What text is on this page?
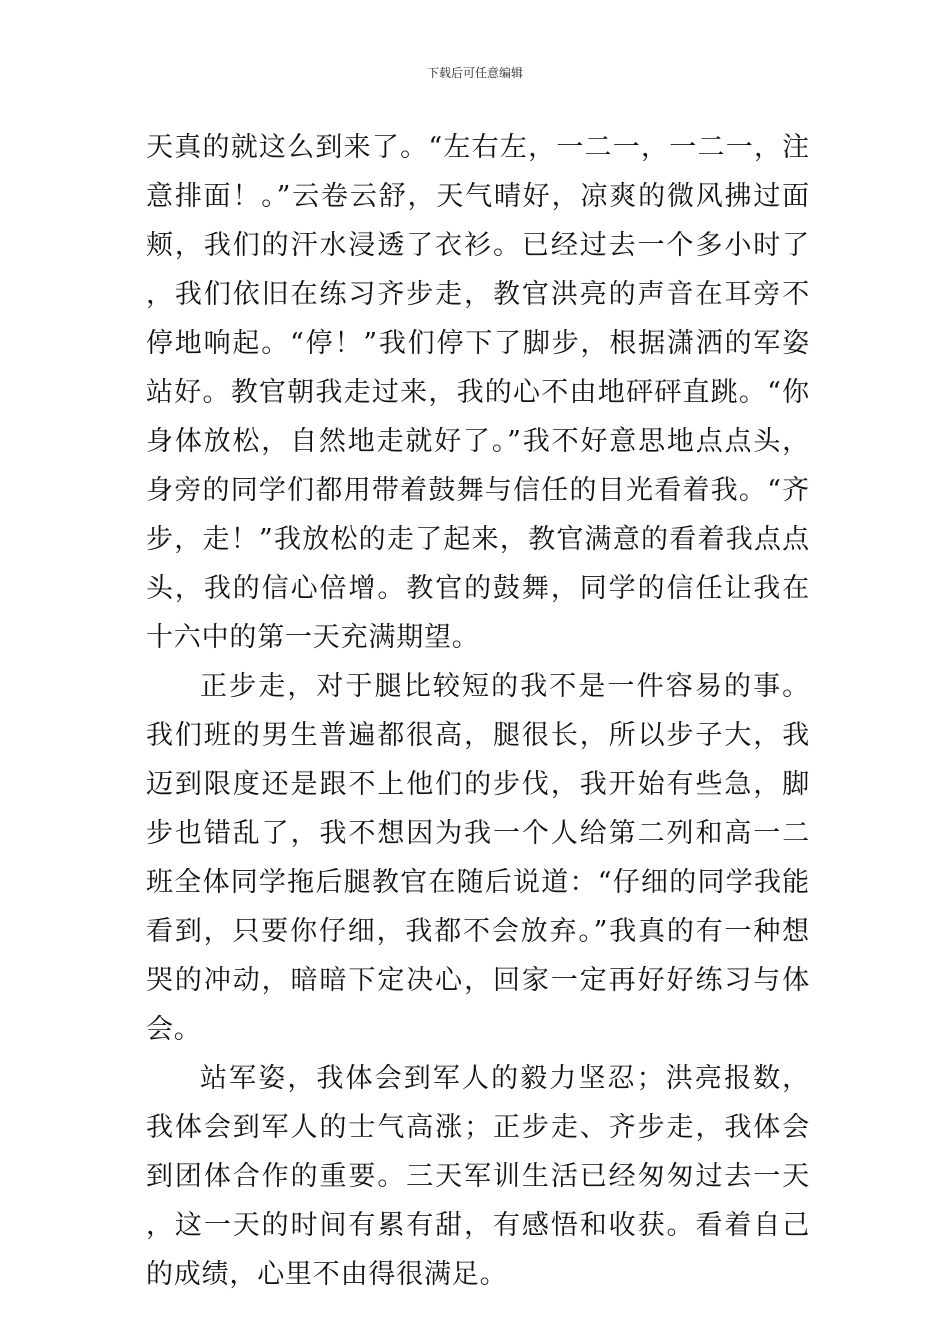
下载后可任意编辑

天真的就这么到来了。“左右左，一二一，一二一，注意排面！。”云卷云舒，天气晴好，凉爽的微风拂过面颊，我们的汗水浸透了衣衫。已经过去一个多小时了，我们依旧在练习齐步走，教官洪亮的声音在耳旁不停地响起。“停！”我们停下了脚步，根据潇洒的军姿站好。教官朝我走过来，我的心不由地砰砰直跳。“你身体放松，自然地走就好了。”我不好意思地点点头，身旁的同学们都用带着鼓舞与信任的目光看着我。“齐步，走！”我放松的走了起来，教官满意的看着我点点头，我的信心倍增。教官的鼓舞，同学的信任让我在十六中的第一天充满期望。

正步走，对于腿比较短的我不是一件容易的事。我们班的男生普遍都很高，腿很长，所以步子大，我迈到限度还是跟不上他们的步伐，我开始有些急，脚步也错乱了，我不想因为我一个人给第二列和高一二班全体同学拖后腿教官在随后说道：“仔细的同学我能看到，只要你仔细，我都不会放弃。”我真的有一种想哭的冲动，暗暗下定决心，回家一定再好好练习与体会。

站军姿，我体会到军人的毅力坚忍；洪亮报数，我体会到军人的士气高涨；正步走、齐步走，我体会到团体合作的重要。三天军训生活已经匆匆过去一天，这一天的时间有累有甜，有感悟和收获。看着自己的成绩，心里不由得很满足。
